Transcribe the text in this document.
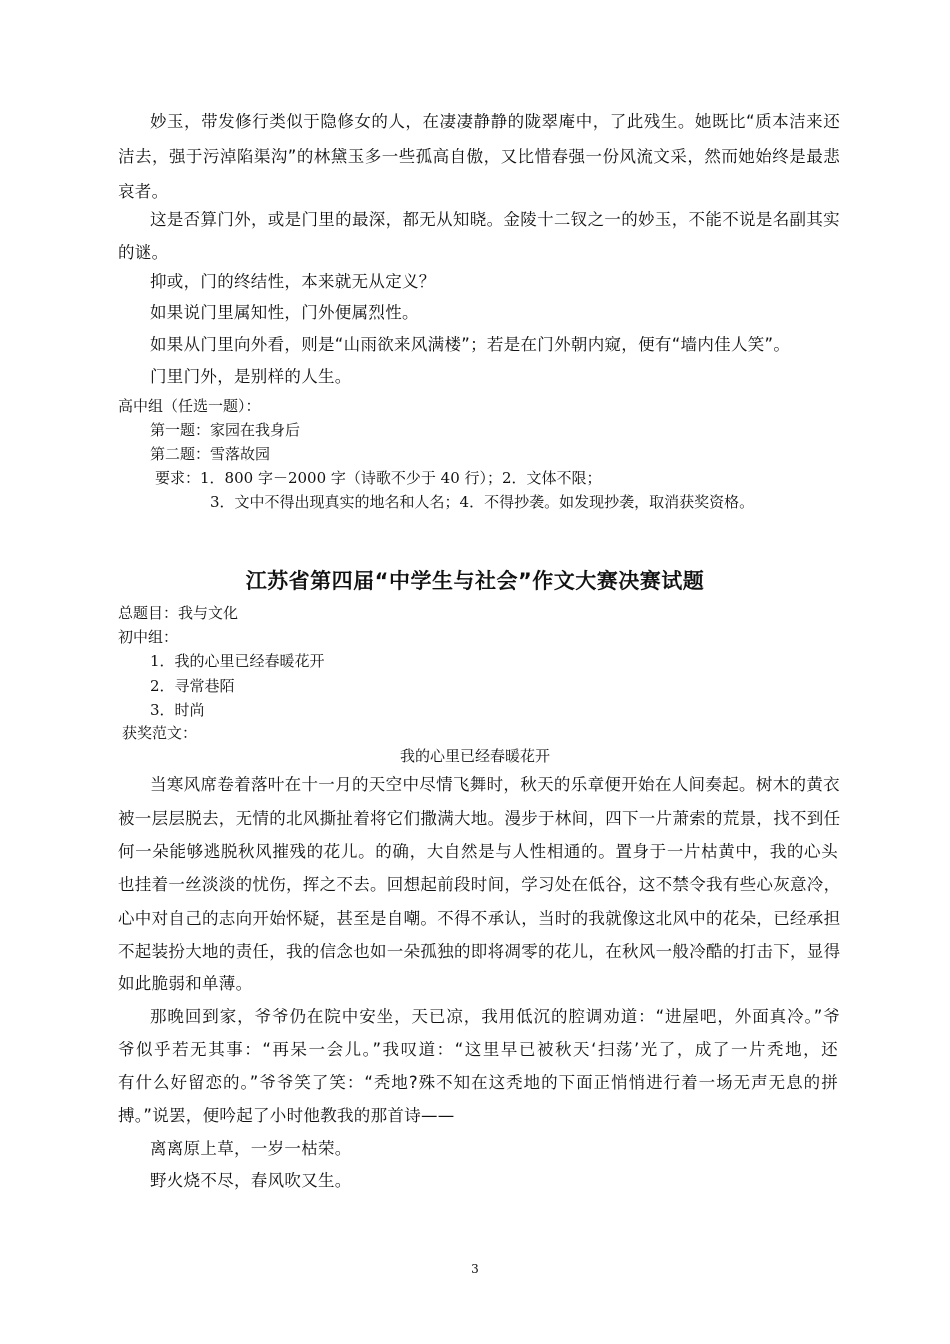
妙玉，带发修行类似于隐修女的人，在凄凄静静的陇翠庵中，了此残生。她既比“质本洁来还

洁去，强于污淖陷渠沟”的林黛玉多一些孤高自傲，又比惜春强一份风流文采，然而她始终是最悲

哀者。

这是否算门外，或是门里的最深，都无从知晓。金陵十二钗之一的妙玉，不能不说是名副其实

的谜。

抑或，门的终结性，本来就无从定义？

如果说门里属知性，门外便属烈性。

如果从门里向外看，则是“山雨欲来风满楼”；若是在门外朝内窥，便有“墙内佳人笑”。

门里门外，是别样的人生。

高中组（任选一题）：

第一题：家园在我身后

第二题：雪落故园

要求：1．800 字－2000 字（诗歌不少于 40 行）；2．文体不限；

3．文中不得出现真实的地名和人名；4．不得抄袭。如发现抄袭，取消获奖资格。

江苏省第四届“中学生与社会”作文大赛决赛试题

总题目：我与文化

初中组：

1．我的心里已经春暖花开

2．寻常巷陌

3．时尚

获奖范文：

我的心里已经春暖花开

当寒风席卷着落叶在十一月的天空中尽情飞舞时，秋天的乐章便开始在人间奏起。树木的黄衣

被一层层脱去，无情的北风撕扯着将它们撒满大地。漫步于林间，四下一片萧索的荒景，找不到任

何一朵能够逃脱秋风摧残的花儿。的确，大自然是与人性相通的。置身于一片枯黄中，我的心头

也挂着一丝淡淡的忧伤，挥之不去。回想起前段时间，学习处在低谷，这不禁令我有些心灰意冷，

心中对自己的志向开始怀疑，甚至是自嘲。不得不承认，当时的我就像这北风中的花朵，已经承担

不起装扮大地的责任，我的信念也如一朵孤独的即将凋零的花儿，在秋风一般冷酷的打击下，显得

如此脆弱和单薄。

那晚回到家，爷爷仍在院中安坐，天已凉，我用低沉的腔调劝道：“进屋吧，外面真冷。”爷

爷似乎若无其事：“再呆一会儿。”我叹道：“这里早已被秋天‘扫荡’光了，成了一片秃地，还

有什么好留恋的。”爷爷笑了笑：“秃地?殊不知在这秃地的下面正悄悄进行着一场无声无息的拼

搏。”说罢，便吟起了小时他教我的那首诗——

离离原上草，一岁一枯荣。

野火烧不尽，春风吹又生。

3
